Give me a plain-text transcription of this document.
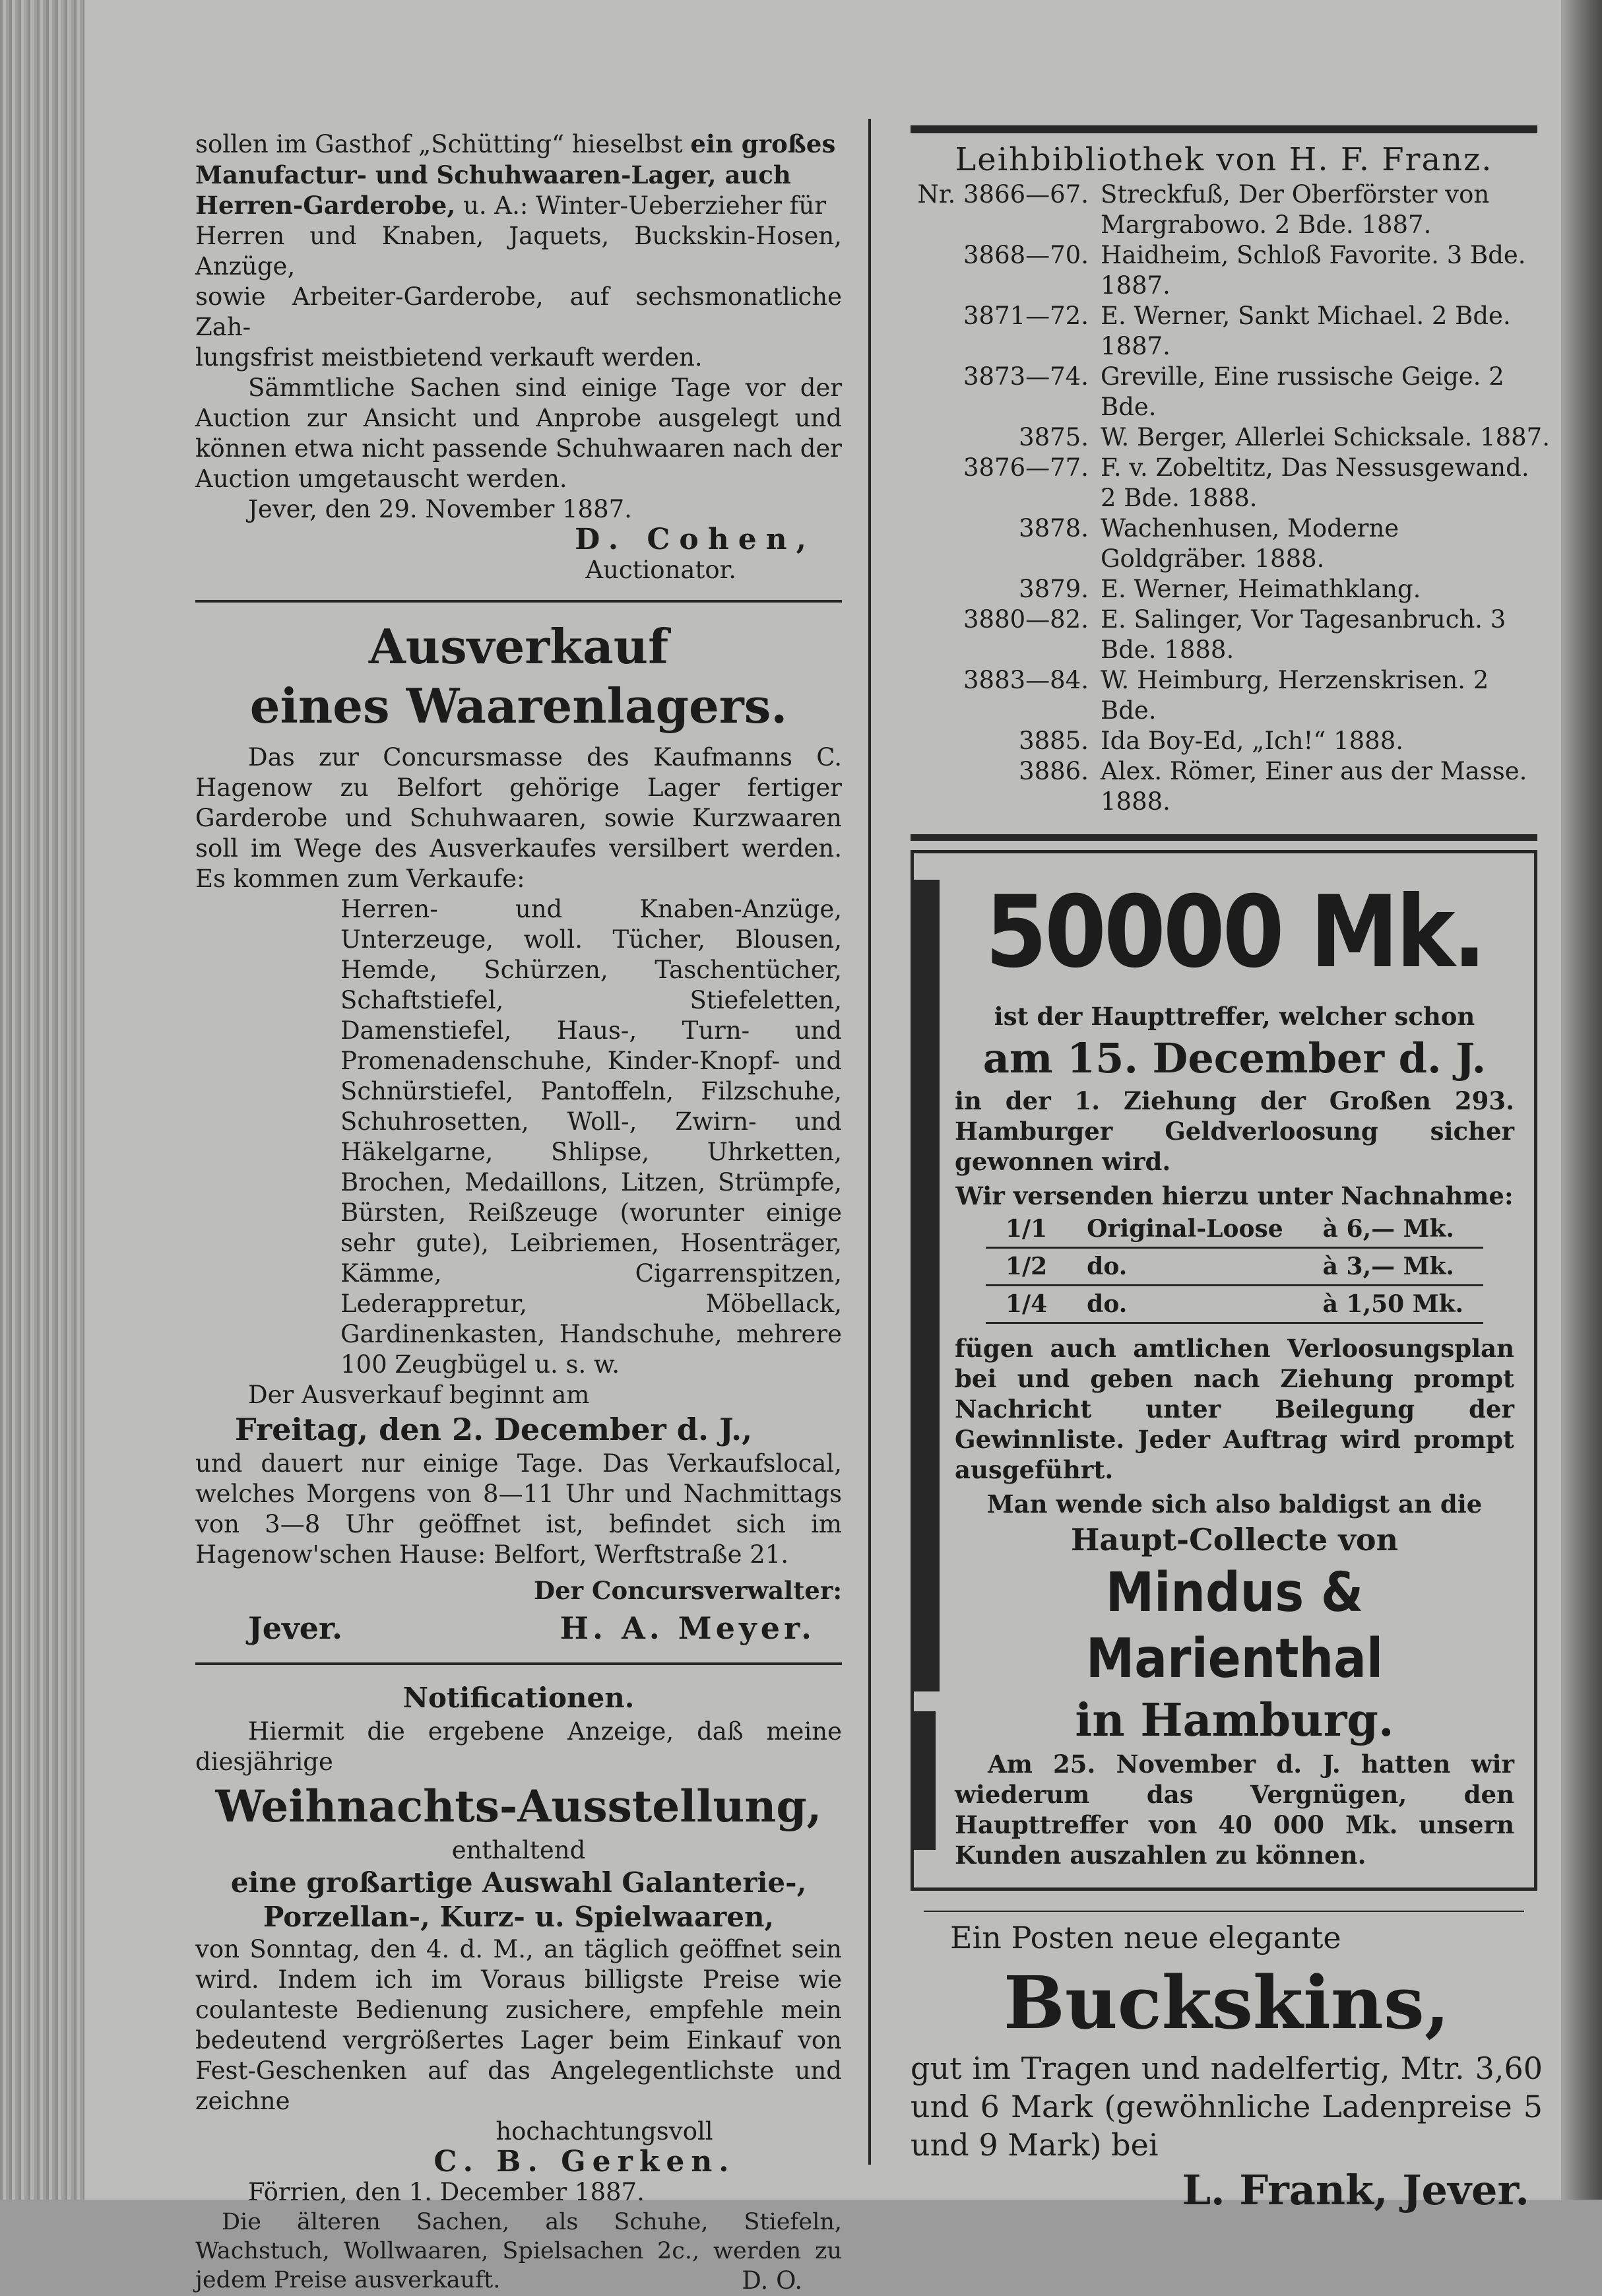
sollen im Gasthof „Schütting“ hieselbst ein großes

Manufactur- und Schuhwaaren-Lager, auch

Herren-Garderobe, u. A.: Winter-Ueberzieher für

Herren und Knaben, Jaquets, Buckskin-Hosen, Anzüge,

sowie Arbeiter-Garderobe, auf sechsmonatliche Zah-

lungsfrist meistbietend verkauft werden.

Sämmtliche Sachen sind einige Tage vor der Auction zur Ansicht und Anprobe ausgelegt und können etwa nicht passende Schuhwaaren nach der Auction umgetauscht werden.

Jever, den 29. November 1887.

D. Cohen,

Auctionator.

Ausverkauf

eines Waarenlagers.

Das zur Concursmasse des Kaufmanns C. Hagenow zu Belfort gehörige Lager fertiger Garderobe und Schuhwaaren, sowie Kurzwaaren soll im Wege des Ausverkaufes versilbert werden. Es kommen zum Verkaufe:

Herren- und Knaben-Anzüge, Unterzeuge, woll. Tücher, Blousen, Hemde, Schürzen, Taschentücher, Schaftstiefel, Stiefeletten, Damenstiefel, Haus-, Turn- und Promenadenschuhe, Kinder-Knopf- und Schnürstiefel, Pantoffeln, Filzschuhe, Schuhrosetten, Woll-, Zwirn- und Häkelgarne, Shlipse, Uhrketten, Brochen, Medaillons, Litzen, Strümpfe, Bürsten, Reißzeuge (worunter einige sehr gute), Leibriemen, Hosenträger, Kämme, Cigarrenspitzen, Lederappretur, Möbellack, Gardinenkasten, Handschuhe, mehrere 100 Zeugbügel u. s. w.

Der Ausverkauf beginnt am

Freitag, den 2. December d. J.,

und dauert nur einige Tage. Das Verkaufslocal, welches Morgens von 8—11 Uhr und Nachmittags von 3—8 Uhr geöffnet ist, befindet sich im Hagenow'schen Hause: Belfort, Werftstraße 21.

Der Concursverwalter:

Jever.	H. A. Meyer.

Notificationen.

Hiermit die ergebene Anzeige, daß meine diesjährige

Weihnachts-Ausstellung,

enthaltend

eine großartige Auswahl Galanterie-,

Porzellan-, Kurz- u. Spielwaaren,

von Sonntag, den 4. d. M., an täglich geöffnet sein wird. Indem ich im Voraus billigste Preise wie coulanteste Bedienung zusichere, empfehle mein bedeutend vergrößertes Lager beim Einkauf von Fest-Geschenken auf das Angelegentlichste und zeichne

hochachtungsvoll

C. B. Gerken.

Förrien, den 1. December 1887.

Die älteren Sachen, als Schuhe, Stiefeln, Wachstuch, Wollwaaren, Spielsachen 2c., werden zu jedem Preise ausverkauft.	D. O.

Leihbibliothek von H. F. Franz.

Nr. 3866—67.	Streckfuß, Der Oberförster von Margrabowo. 2 Bde. 1887.
3868—70.	Haidheim, Schloß Favorite. 3 Bde. 1887.
3871—72.	E. Werner, Sankt Michael. 2 Bde. 1887.
3873—74.	Greville, Eine russische Geige. 2 Bde.
3875.	W. Berger, Allerlei Schicksale. 1887.
3876—77.	F. v. Zobeltitz, Das Nessusgewand. 2 Bde. 1888.
3878.	Wachenhusen, Moderne Goldgräber. 1888.
3879.	E. Werner, Heimathklang.
3880—82.	E. Salinger, Vor Tagesanbruch. 3 Bde. 1888.
3883—84.	W. Heimburg, Herzenskrisen. 2 Bde.
3885.	Ida Boy-Ed, „Ich!“ 1888.
3886.	Alex. Römer, Einer aus der Masse. 1888.

50000 Mk.

ist der Haupttreffer, welcher schon

am 15. December d. J.

in der 1. Ziehung der Großen 293. Hamburger Geldverloosung sicher gewonnen wird.

Wir versenden hierzu unter Nachnahme:

1/1	Original-Loose	à 6,— Mk.
1/2	do.	à 3,— Mk.
1/4	do.	à 1,50 Mk.

fügen auch amtlichen Verloosungsplan bei und geben nach Ziehung prompt Nachricht unter Beilegung der Gewinnliste. Jeder Auftrag wird prompt ausgeführt.

Man wende sich also baldigst an die

Haupt-Collecte von

Mindus & Marienthal

in Hamburg.

Am 25. November d. J. hatten wir wiederum das Vergnügen, den Haupttreffer von 40 000 Mk. unsern Kunden auszahlen zu können.

Ein Posten neue elegante

Buckskins,

gut im Tragen und nadelfertig, Mtr. 3,60 und 6 Mark (gewöhnliche Ladenpreise 5 und 9 Mark) bei

L. Frank, Jever.
